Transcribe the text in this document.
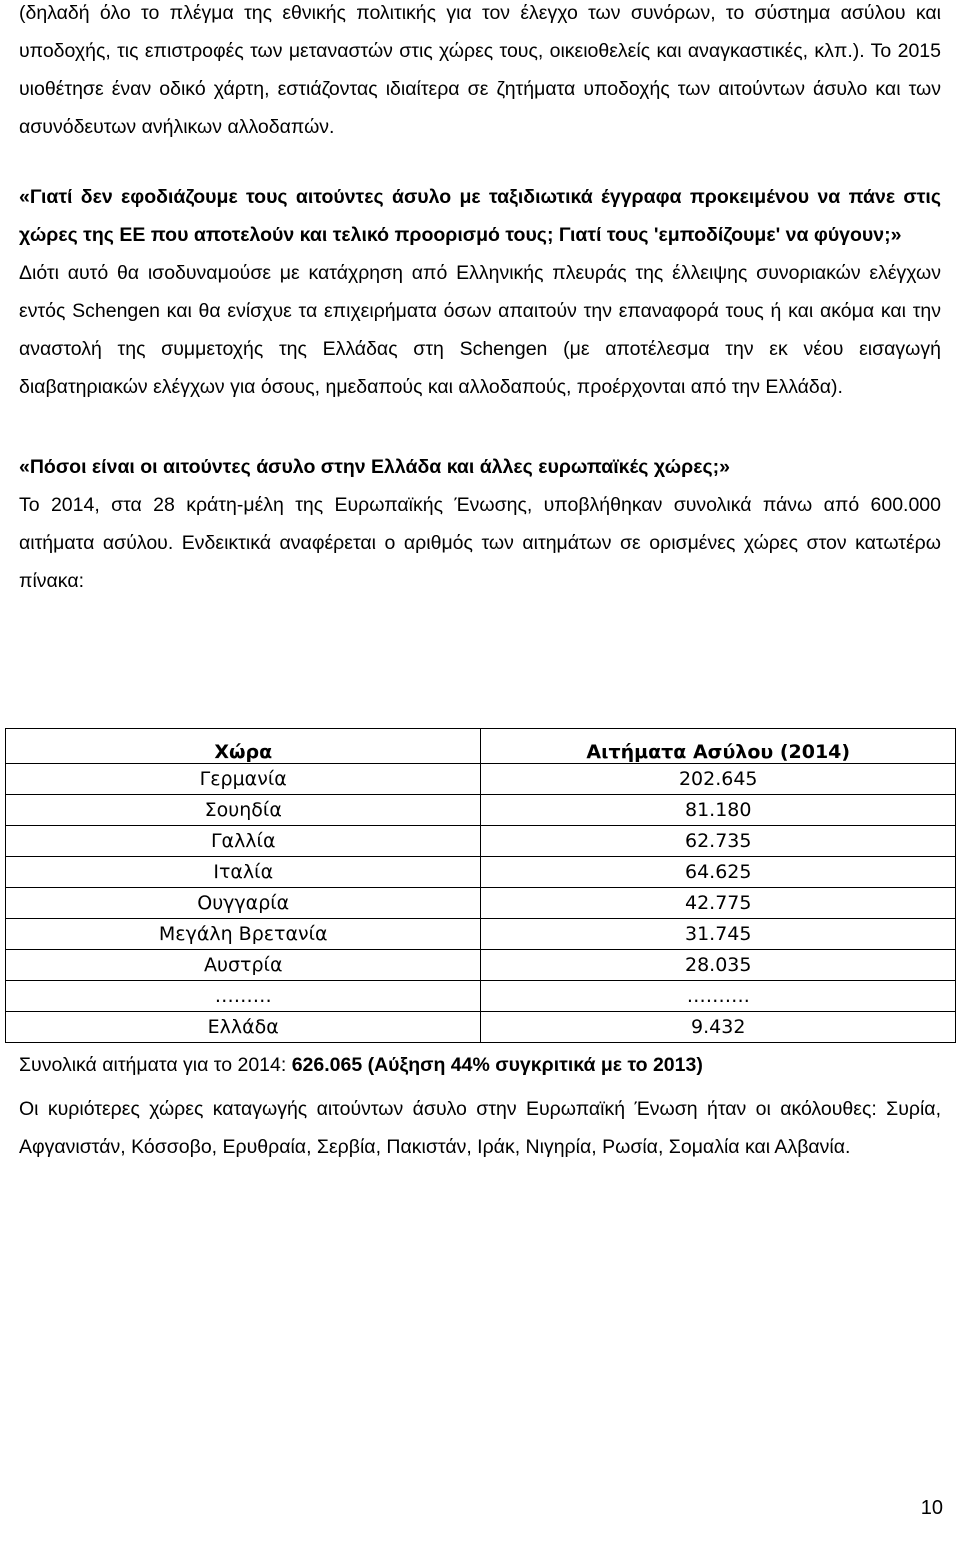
(δηλαδή όλο το πλέγμα της εθνικής πολιτικής για τον έλεγχο των συνόρων, το σύστημα ασύλου και υποδοχής, τις επιστροφές των μεταναστών στις χώρες τους, οικειοθελείς και αναγκαστικές, κλπ.). Το 2015 υιοθέτησε έναν οδικό χάρτη, εστιάζοντας ιδιαίτερα σε ζητήματα υποδοχής των αιτούντων άσυλο και των ασυνόδευτων ανήλικων αλλοδαπών.

«Γιατί δεν εφοδιάζουμε τους αιτούντες άσυλο με ταξιδιωτικά έγγραφα προκειμένου να πάνε στις χώρες της ΕΕ που αποτελούν και τελικό προορισμό τους; Γιατί τους 'εμποδίζουμε' να φύγουν;»

Διότι αυτό θα ισοδυναμούσε με κατάχρηση από Ελληνικής πλευράς της έλλειψης συνοριακών ελέγχων εντός Schengen και θα ενίσχυε τα επιχειρήματα όσων απαιτούν την επαναφορά τους ή και ακόμα και την αναστολή της συμμετοχής της Ελλάδας στη Schengen (με αποτέλεσμα την εκ νέου εισαγωγή διαβατηριακών ελέγχων για όσους, ημεδαπούς και αλλοδαπούς, προέρχονται από την Ελλάδα).

«Πόσοι είναι οι αιτούντες άσυλο στην Ελλάδα και άλλες ευρωπαϊκές χώρες;»

Το 2014, στα 28 κράτη-μέλη της Ευρωπαϊκής Ένωσης, υποβλήθηκαν συνολικά πάνω από 600.000 αιτήματα ασύλου. Ενδεικτικά αναφέρεται ο αριθμός των αιτημάτων σε ορισμένες χώρες στον κατωτέρω πίνακα:

Χώρα	Αιτήματα Ασύλου (2014)
Γερμανία	202.645
Σουηδία	81.180
Γαλλία	62.735
Ιταλία	64.625
Ουγγαρία	42.775
Μεγάλη Βρετανία	31.745
Αυστρία	28.035
………	……….
Ελλάδα	9.432

Συνολικά αιτήματα για το 2014: 626.065 (Αύξηση 44% συγκριτικά με το 2013)

Οι κυριότερες χώρες καταγωγής αιτούντων άσυλο στην Ευρωπαϊκή Ένωση ήταν οι ακόλουθες: Συρία, Αφγανιστάν, Κόσσοβο, Ερυθραία, Σερβία, Πακιστάν, Ιράκ, Νιγηρία, Ρωσία, Σομαλία και Αλβανία.

10
